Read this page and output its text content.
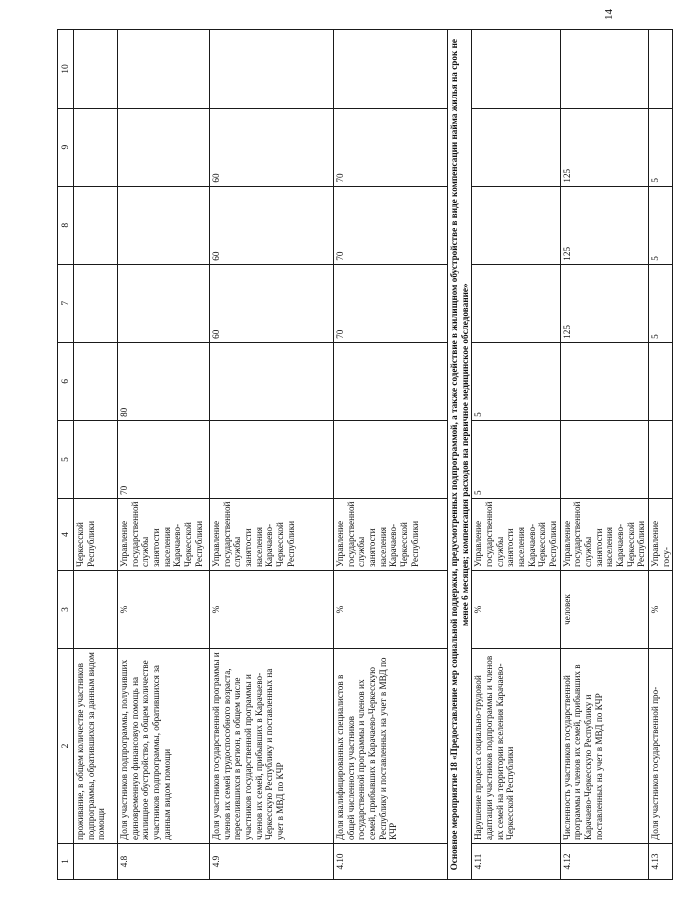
14
1	2	3	4	5	6	7	8	9	10
	проживание, в общем количестве участников подпрограммы, обратившихся за данным видом помощи		Черкесской Республики						
4.8	Доля участников подпрограммы, получивших единовременную финансовую помощь на жилищное обустройство, в общем количестве участников подпрограммы, обратившихся за данным видом помощи	%	Управление государственной службы занятости населения Карачаево-Черкесской Республики	70	80				
4.9	Доля участников государственной программы и членов их семей трудоспособного возраста, переселившихся в регион, в общем числе участников государственной программы и членов их семей, прибывших в Карачаево-Черкесскую Республику и поставленных на учет в МВД по КЧР	%	Управление государственной службы занятости населения Карачаево-Черкесской Республики			60	60	60	
4.10	Доля квалифицированных специалистов в общей численности участников государственной программы и членов их семей, прибывших в Карачаево-Черкесскую Республику и поставленных на учет в МВД по КЧР	%	Управление государственной службы занятости населения Карачаево-Черкесской Республики			70	70	70	
Основное мероприятие 18 «Предоставление мер социальной поддержки, предусмотренных подпрограммой, а также содействие в жилищном обустройстве в виде компенсации найма жилья на срок не менее 6 месяцев; компенсация расходов на первичное медицинское обследование»									
4.11	Нарушение процесса социально-трудовой адаптации участников подпрограммы и членов их семей на территории вселения Карачаево-Черкесской Республики	%	Управление государственной службы занятости населения Карачаево-Черкесской Республики	5	5				
4.12	Численность участников государственной программы и членов их семей, прибывших в Карачаево-Черкесскую Республику и поставленных на учет в МВД по КЧР	человек	Управление государственной службы занятости населения Карачаево-Черкесской Республики			125	125	125	
4.13	Доля участников государственной про-	%	Управление госу-			5	5	5	
